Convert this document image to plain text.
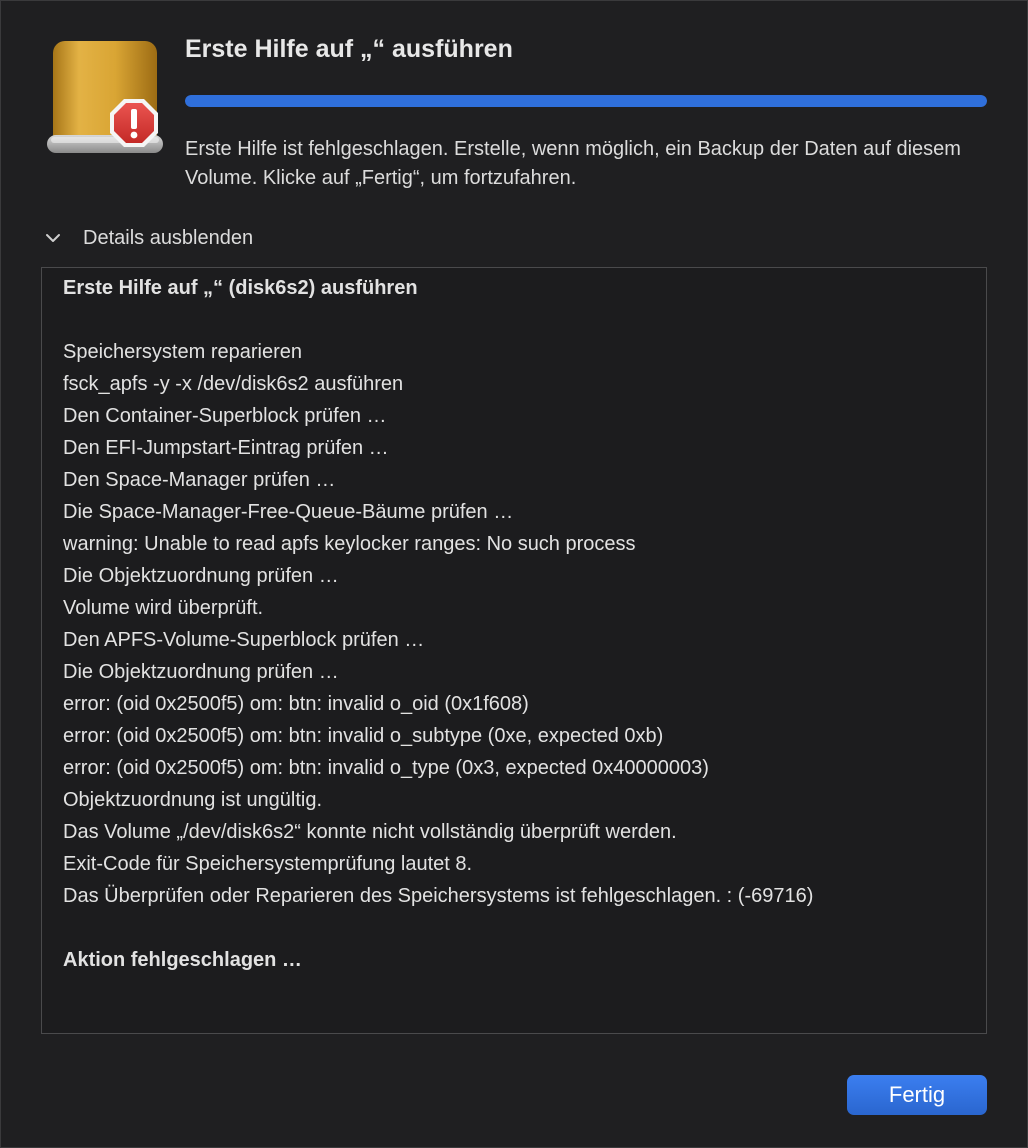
Erste Hilfe auf „“ ausführen
Erste Hilfe ist fehlgeschlagen. Erstelle, wenn möglich, ein Backup der Daten auf diesem Volume. Klicke auf „Fertig“, um fortzufahren.
Details ausblenden
Erste Hilfe auf „“ (disk6s2) ausführen
Speichersystem reparieren
fsck_apfs -y -x /dev/disk6s2 ausführen
Den Container-Superblock prüfen …
Den EFI-Jumpstart-Eintrag prüfen …
Den Space-Manager prüfen …
Die Space-Manager-Free-Queue-Bäume prüfen …
warning: Unable to read apfs keylocker ranges: No such process
Die Objektzuordnung prüfen …
Volume wird überprüft.
Den APFS-Volume-Superblock prüfen …
Die Objektzuordnung prüfen …
error: (oid 0x2500f5) om: btn: invalid o_oid (0x1f608)
error: (oid 0x2500f5) om: btn: invalid o_subtype (0xe, expected 0xb)
error: (oid 0x2500f5) om: btn: invalid o_type (0x3, expected 0x40000003)
Objektzuordnung ist ungültig.
Das Volume „/dev/disk6s2“ konnte nicht vollständig überprüft werden.
Exit-Code für Speichersystemprüfung lautet 8.
Das Überprüfen oder Reparieren des Speichersystems ist fehlgeschlagen. : (-69716)
Aktion fehlgeschlagen …
Fertig
